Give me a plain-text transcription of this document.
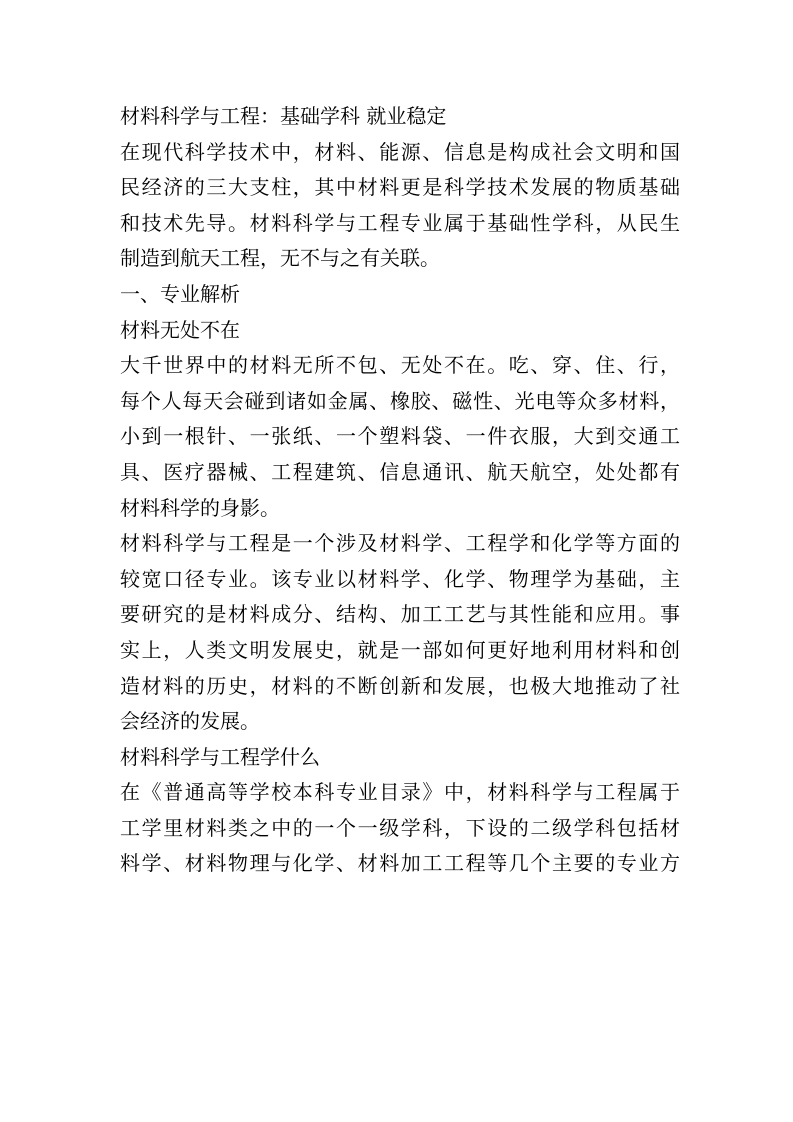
材料科学与工程：基础学科 就业稳定

在现代科学技术中，材料、能源、信息是构成社会文明和国

民经济的三大支柱，其中材料更是科学技术发展的物质基础

和技术先导。材料科学与工程专业属于基础性学科，从民生

制造到航天工程，无不与之有关联。

一、专业解析

材料无处不在

大千世界中的材料无所不包、无处不在。吃、穿、住、行，

每个人每天会碰到诸如金属、橡胶、磁性、光电等众多材料，

小到一根针、一张纸、一个塑料袋、一件衣服，大到交通工

具、医疗器械、工程建筑、信息通讯、航天航空，处处都有

材料科学的身影。

材料科学与工程是一个涉及材料学、工程学和化学等方面的

较宽口径专业。该专业以材料学、化学、物理学为基础，主

要研究的是材料成分、结构、加工工艺与其性能和应用。事

实上，人类文明发展史，就是一部如何更好地利用材料和创

造材料的历史，材料的不断创新和发展，也极大地推动了社

会经济的发展。

材料科学与工程学什么

在《普通高等学校本科专业目录》中，材料科学与工程属于

工学里材料类之中的一个一级学科，下设的二级学科包括材

料学、材料物理与化学、材料加工工程等几个主要的专业方
